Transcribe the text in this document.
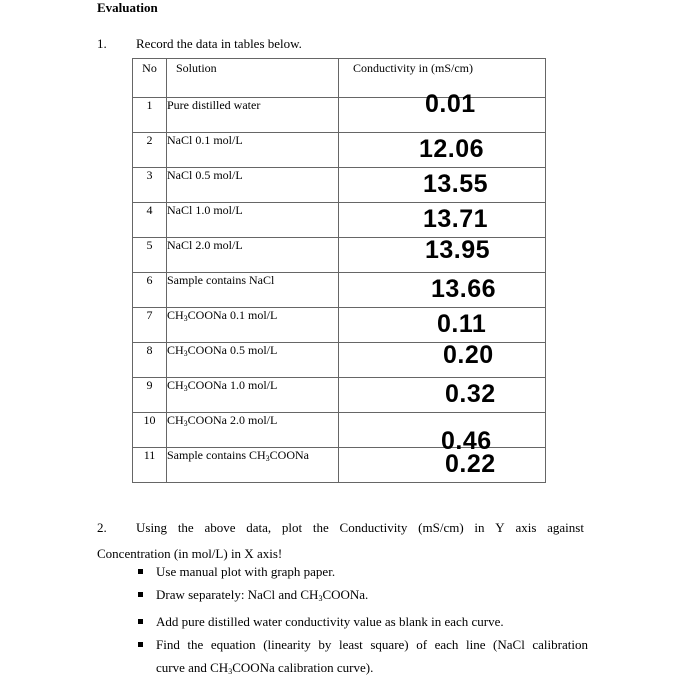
Evaluation
1. Record the data in tables below.
No	Solution	Conductivity in (mS/cm)
1	Pure distilled water	0.01

2	NaCl 0.1 mol/L	12.06

3	NaCl 0.5 mol/L	13.55

4	NaCl 1.0 mol/L	13.71

5	NaCl 2.0 mol/L	13.95

6	Sample contains NaCl	13.66

7	$CH_3COONa$ 0.1 mol/L	0.11

8	$CH_3COONa$ 0.5 mol/L	0.20

9	$CH_3COONa$ 1.0 mol/L	0.32

10	$CH_3COONa$ 2.0 mol/L	0.46

11	Sample contains $CH_3COONa$	0.22
2. Using the above data, plot the Conductivity (mS/cm) in Y axis against
Concentration (in mol/L) in X axis!
Use manual plot with graph paper.
Draw separately: NaCl and $CH_3COONa$.
Add pure distilled water conductivity value as blank in each curve.
Find the equation (linearity by least square) of each line (NaCl calibration
curve and $CH_3COONa$ calibration curve).
